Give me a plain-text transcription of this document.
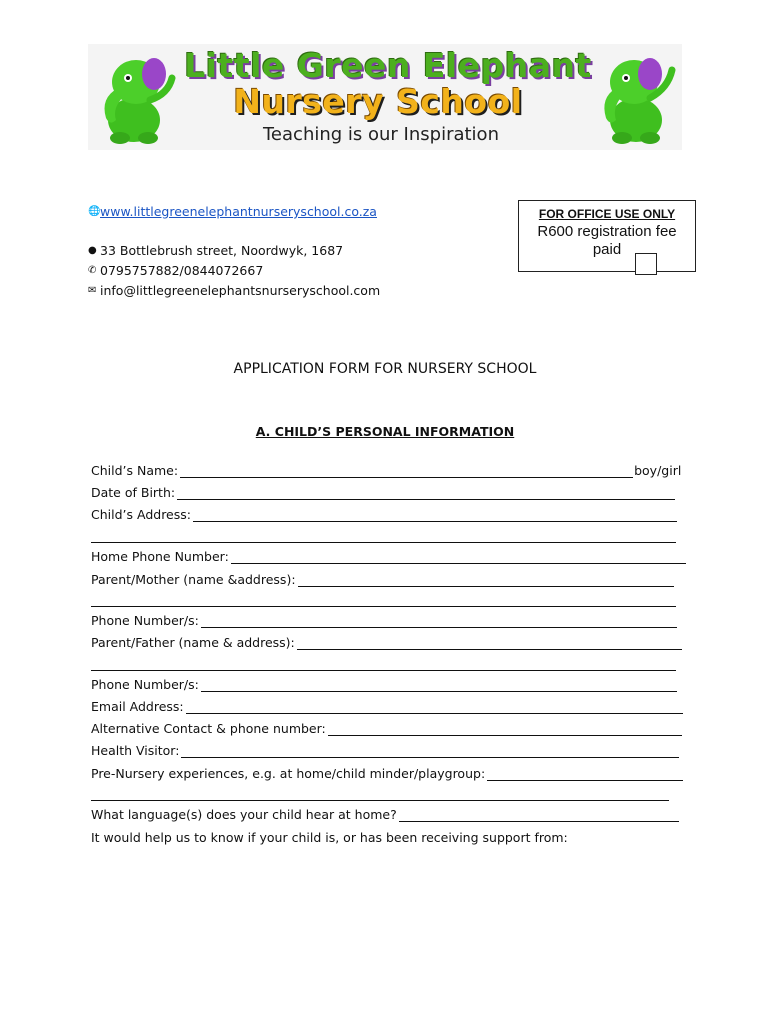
Little Green Elephant
Nursery School
Teaching is our Inspiration
🌐www.littlegreenelephantnurseryschool.co.za
● 33 Bottlebrush street, Noordwyk, 1687
✆ 0795757882/0844072667
✉ info@littlegreenelephantsnurseryschool.com
FOR OFFICE USE ONLY
R600 registration fee paid
APPLICATION FORM FOR NURSERY SCHOOL
A. CHILD’S PERSONAL INFORMATION
Child’s Name:	boy/girl
Date of Birth:
Child’s Address:
Home Phone Number:
Parent/Mother (name &address):
Phone Number/s:
Parent/Father (name & address):
Phone Number/s:
Email Address:
Alternative Contact & phone number:
Health Visitor:
Pre-Nursery experiences, e.g. at home/child minder/playgroup:
What language(s) does your child hear at home?
It would help us to know if your child is, or has been receiving support from:
